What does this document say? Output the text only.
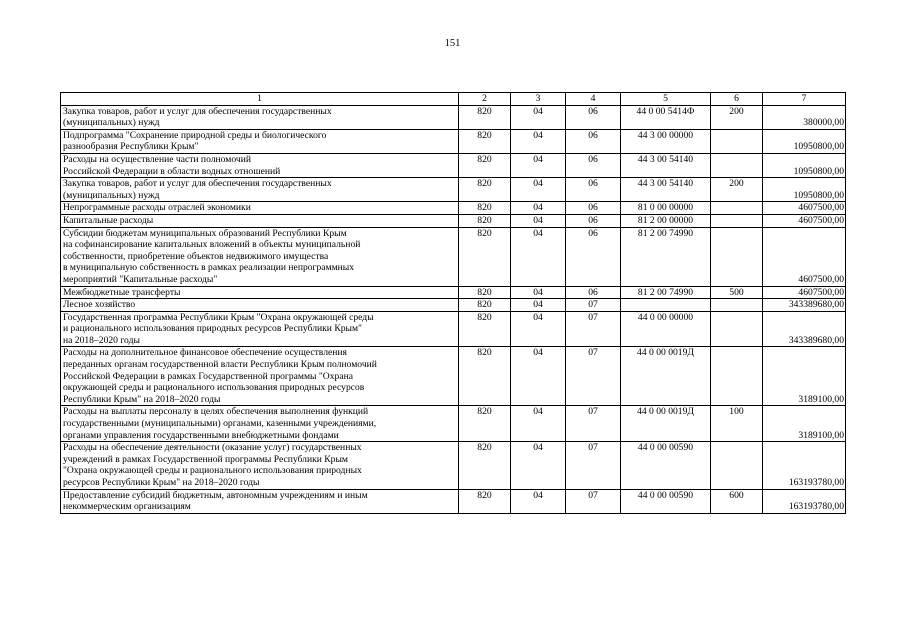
151
1	2	3	4	5	6	7
Закупка товаров, работ и услуг для обеспечения государственных
(муниципальных) нужд	820	04	06	44 0 00 5414Ф	200	380000,00
Подпрограмма "Сохранение природной среды и биологического
разнообразия Республики Крым"	820	04	06	44 3 00 00000		10950800,00
Расходы на осуществление части полномочий
Российской Федерации в области водных отношений	820	04	06	44 3 00 54140		10950800,00
Закупка товаров, работ и услуг для обеспечения государственных
(муниципальных) нужд	820	04	06	44 3 00 54140	200	10950800,00
Непрограммные расходы отраслей экономики	820	04	06	81 0 00 00000		4607500,00
Капитальные расходы	820	04	06	81 2 00 00000		4607500,00
Субсидии бюджетам муниципальных образований Республики Крым
на софинансирование капитальных вложений в объекты муниципальной
собственности, приобретение объектов недвижимого имущества
в муниципальную собственность в рамках реализации непрограммных
мероприятий "Капитальные расходы"	820	04	06	81 2 00 74990		4607500,00
Межбюджетные трансферты	820	04	06	81 2 00 74990	500	4607500,00
Лесное хозяйство	820	04	07			343389680,00
Государственная программа Республики Крым "Охрана окружающей среды
и рационального использования природных ресурсов Республики Крым"
на 2018–2020 годы	820	04	07	44 0 00 00000		343389680,00
Расходы на дополнительное финансовое обеспечение осуществления
переданных органам государственной власти Республики Крым полномочий
Российской Федерации в рамках Государственной программы "Охрана
окружающей среды и рационального использования природных ресурсов
Республики Крым" на 2018–2020 годы	820	04	07	44 0 00 0019Д		3189100,00
Расходы на выплаты персоналу в целях обеспечения выполнения функций
государственными (муниципальными) органами, казенными учреждениями,
органами управления государственными внебюджетными фондами	820	04	07	44 0 00 0019Д	100	3189100,00
Расходы на обеспечение деятельности (оказание услуг) государственных
учреждений в рамках Государственной программы Республики Крым
"Охрана окружающей среды и рационального использования природных
ресурсов Республики Крым" на 2018–2020 годы	820	04	07	44 0 00 00590		163193780,00
Предоставление субсидий бюджетным, автономным учреждениям и иным
некоммерческим организациям	820	04	07	44 0 00 00590	600	163193780,00
